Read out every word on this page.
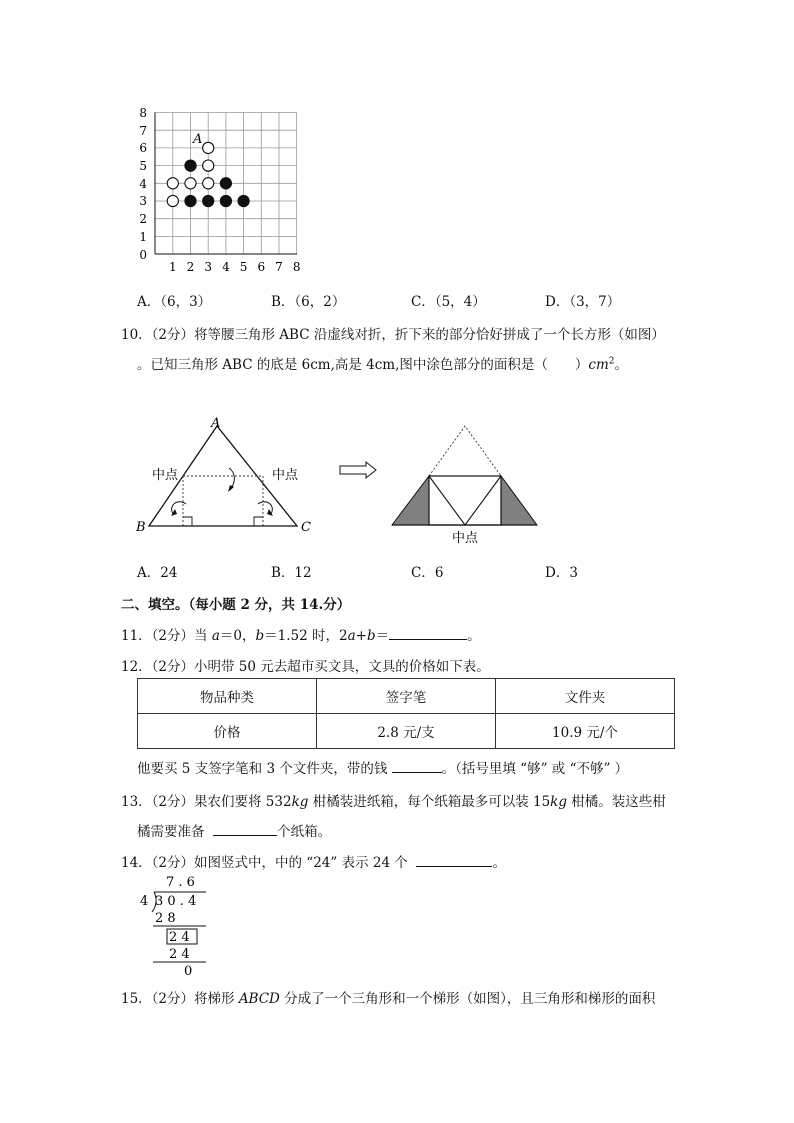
8
7
6
5
4
3
2
1
0
1 2 3 4 5 6 7 8
A
A．（6，3）	B．（6，2）	C．（5，4）	D．（3，7）
10．（2分）将等腰三角形 ABC 沿虚线对折，折下来的部分恰好拼成了一个长方形（如图）
。已知三角形 ABC 的底是 6cm,高是 4cm,图中涂色部分的面积是（　　）$cm^2$。
A
B	C
中点	中点
中点
A．24	B．12	C．6	D．3
二、填空。（每小题 2 分，共 14.分）
11．（2分）当 a＝0，b＝1.52 时，2a+b＝	。
12．（2分）小明带 50 元去超市买文具，文具的价格如下表。
物品种类	签字笔	文件夹
价格	2.8 元/支	10.9 元/个
他要买 5 支签字笔和 3 个文件夹，带的钱	。（括号里填 “够” 或 “不够” ）
13．（2分）果农们要将 532kg 柑橘装进纸箱，每个纸箱最多可以装 15kg 柑橘。装这些柑
橘需要准备	个纸箱。
14．（2分）如图竖式中，中的 “24” 表示 24 个	。
7 . 6
4 3 0 . 4
2 8
2 4
2 4
0
15．（2分）将梯形 ABCD 分成了一个三角形和一个梯形（如图），且三角形和梯形的面积
